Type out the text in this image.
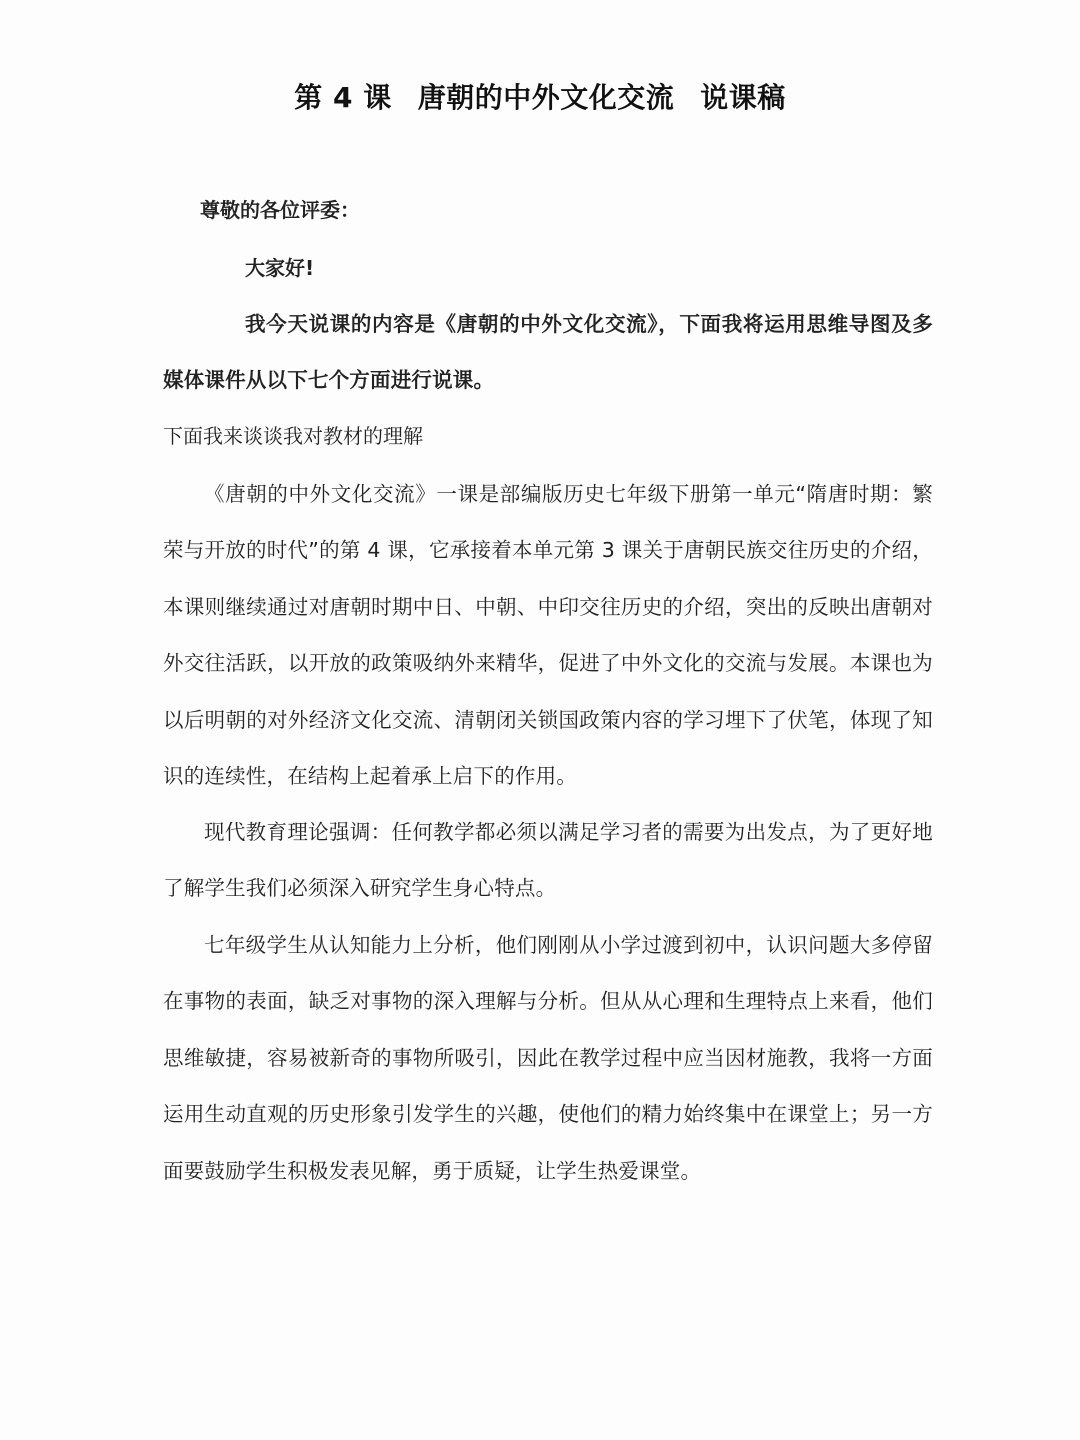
第 4 课 唐朝的中外文化交流 说课稿
尊敬的各位评委：
大家好!
我今天说课的内容是《唐朝的中外文化交流》，下面我将运用思维导图及多媒体课件从以下七个方面进行说课。
下面我来谈谈我对教材的理解
《唐朝的中外文化交流》一课是部编版历史七年级下册第一单元“隋唐时期：繁荣与开放的时代”的第 4 课，它承接着本单元第 3 课关于唐朝民族交往历史的介绍，本课则继续通过对唐朝时期中日、中朝、中印交往历史的介绍，突出的反映出唐朝对外交往活跃，以开放的政策吸纳外来精华，促进了中外文化的交流与发展。本课也为以后明朝的对外经济文化交流、清朝闭关锁国政策内容的学习埋下了伏笔，体现了知识的连续性，在结构上起着承上启下的作用。
现代教育理论强调：任何教学都必须以满足学习者的需要为出发点，为了更好地了解学生我们必须深入研究学生身心特点。
七年级学生从认知能力上分析，他们刚刚从小学过渡到初中，认识问题大多停留在事物的表面，缺乏对事物的深入理解与分析。但从从心理和生理特点上来看，他们思维敏捷，容易被新奇的事物所吸引，因此在教学过程中应当因材施教，我将一方面运用生动直观的历史形象引发学生的兴趣，使他们的精力始终集中在课堂上；另一方面要鼓励学生积极发表见解，勇于质疑，让学生热爱课堂。
